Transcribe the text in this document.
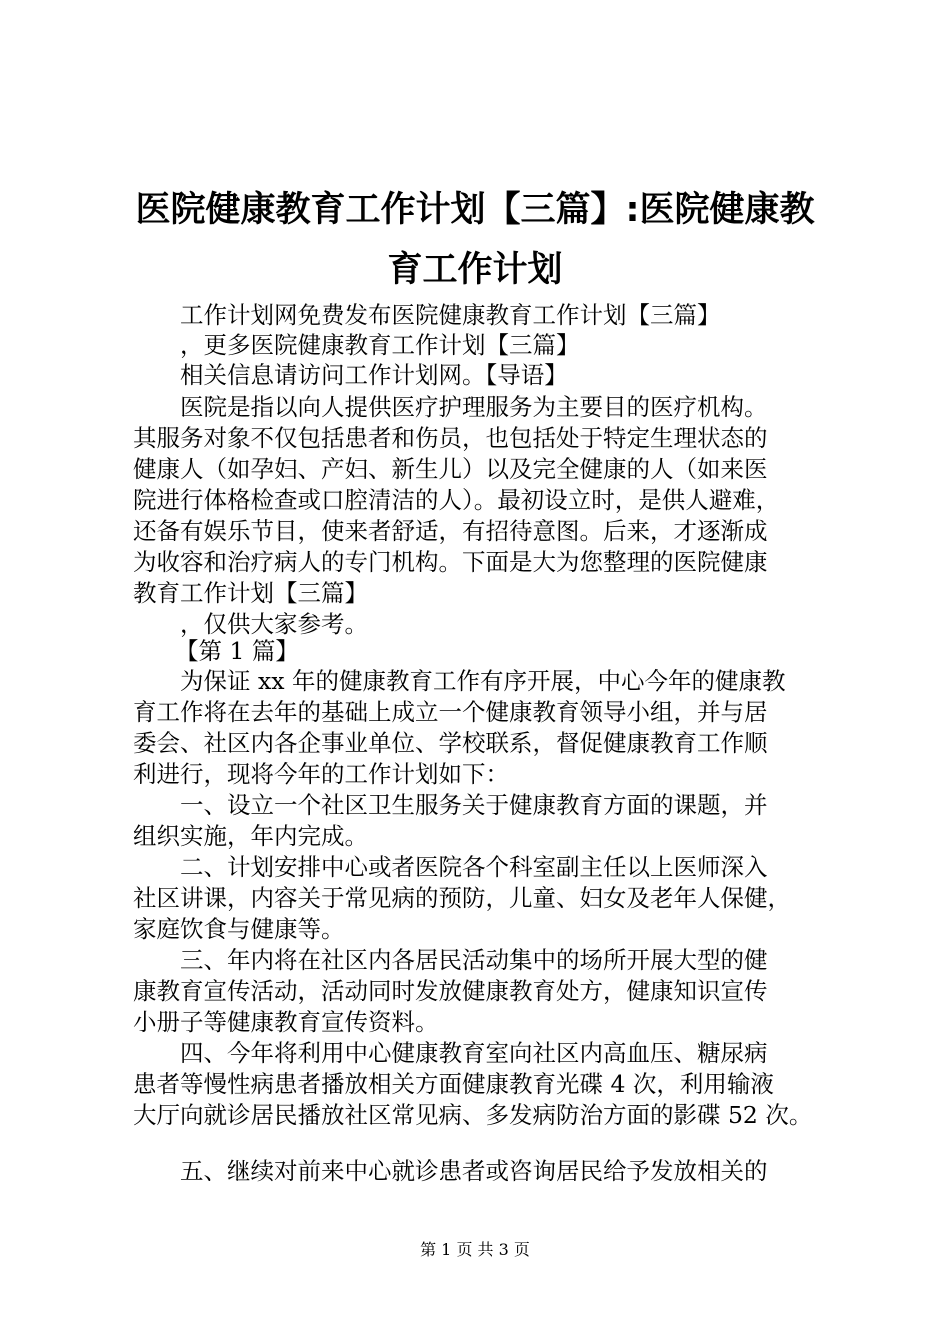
医院健康教育工作计划【三篇】:医院健康教
育工作计划

工作计划网免费发布医院健康教育工作计划【三篇】

，更多医院健康教育工作计划【三篇】

相关信息请访问工作计划网。【导语】

医院是指以向人提供医疗护理服务为主要目的医疗机构。

其服务对象不仅包括患者和伤员，也包括处于特定生理状态的

健康人（如孕妇、产妇、新生儿）以及完全健康的人（如来医

院进行体格检查或口腔清洁的人）。最初设立时，是供人避难，

还备有娱乐节目，使来者舒适，有招待意图。后来，才逐渐成

为收容和治疗病人的专门机构。下面是大为您整理的医院健康

教育工作计划【三篇】

，仅供大家参考。

【第 1 篇】

为保证 xx 年的健康教育工作有序开展，中心今年的健康教

育工作将在去年的基础上成立一个健康教育领导小组，并与居

委会、社区内各企事业单位、学校联系，督促健康教育工作顺

利进行，现将今年的工作计划如下：

一、设立一个社区卫生服务关于健康教育方面的课题，并

组织实施，年内完成。

二、计划安排中心或者医院各个科室副主任以上医师深入

社区讲课，内容关于常见病的预防，儿童、妇女及老年人保健，

家庭饮食与健康等。

三、年内将在社区内各居民活动集中的场所开展大型的健

康教育宣传活动，活动同时发放健康教育处方，健康知识宣传

小册子等健康教育宣传资料。

四、今年将利用中心健康教育室向社区内高血压、糖尿病

患者等慢性病患者播放相关方面健康教育光碟 4 次，利用输液

大厅向就诊居民播放社区常见病、多发病防治方面的影碟 52 次。

五、继续对前来中心就诊患者或咨询居民给予发放相关的

第 1 页 共 3 页
